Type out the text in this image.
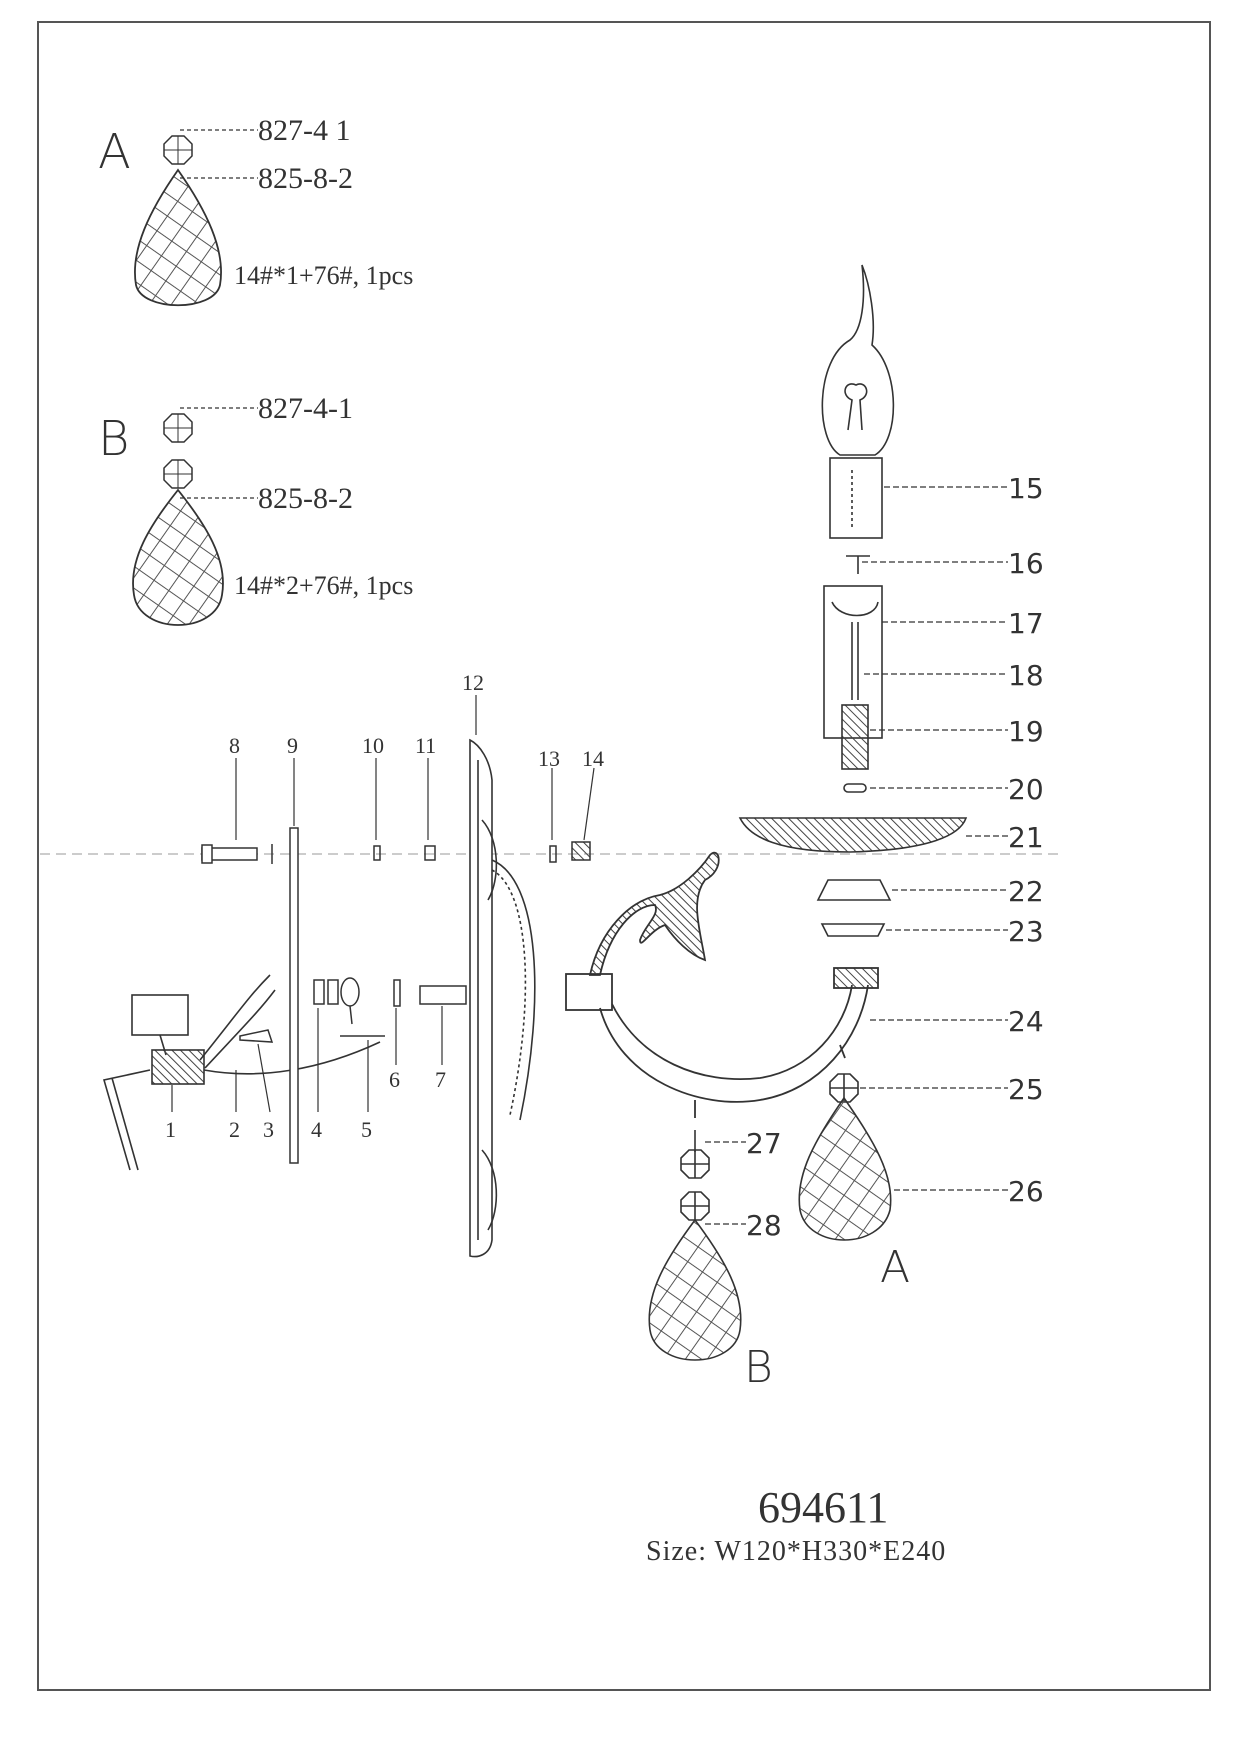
A	827-4 1
825-8-2
14#*1+76#, 1pcs
B
827-4-1
825-8-2
14#*2+76#, 1pcs
1 2 3 4 5
6 7
8 9	10 11
12
13 14
15
16
17
18
19
20
21
22
23
24
25
26
27
28
A
B
694611
Size: W120*H330*E240
